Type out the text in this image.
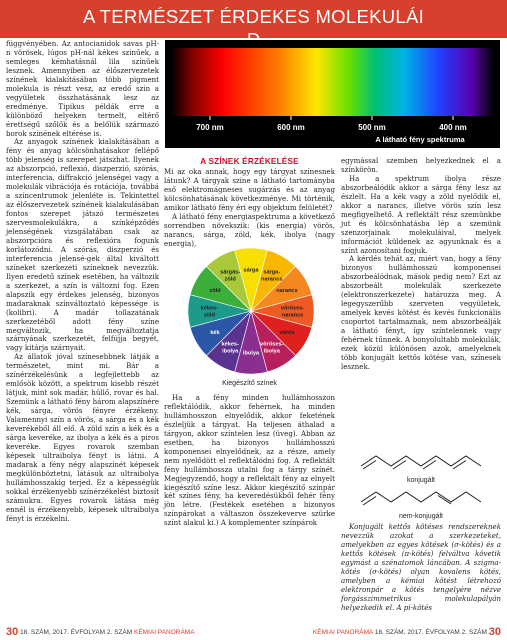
A TERMÉSZET ÉRDEKES MOLEKULÁI

függvényében. Az antocianidok savas pH-n vörösek, lúgos pH-nál kékes színűek, a semleges kémhatásnál lila színűek lesznek. Amennyiben az élőszervezetek színének kialakításában több pigment molekula is részt vesz, az eredő szín a vegyületek összhatásának lesz az eredménye. Tipikus példák erre a különböző helyeken termelt, eltérő érettségű szőlők és a belőlük származó borok színének eltérése is.

Az anyagok színének kialakításában a fény és anyag kölcsönhatásakor fellépő több jelenség is szerepet játszhat. Ilyenek az abszorpció, reflexió, diszperzió, szórás, interferencia, diffrakció jelenségei vagy a molekulák vibrációja és rotációja, továbbá a színcentrumok jelenléte is. Tekintettel az élőszervezetek színének kialakulásában fontos szerepet játszó természetes szervesmolekulákra, a színképződés jelenségének vizsgálatában csak az abszorpcióra és reflexióra fogunk korlátozódni. A szórás, diszperzió és interferencia jelensé-gek által kiváltott színeket szerkezeti színeknek nevezzük. Ilyen eredetű színek esetében, ha változik a szerkezet, a szín is változni fog. Ezen alapszik egy érdekes jelenség, bizonyos madaraknak színváltoztató képessége is (kolibri). A madár tollazatának szerkezetéből adott fény színe megváltozik, ha megváltoztatja szárnyának szerkezetét, felfújja begyét, vagy kitárja szárnyait.

Az állatok jóval színesebbnek látják a természetet, mint mi. Bár a színérzékelésünk a legfejlettebb az emlősök között, a spektrum kisebb részét látjuk, mint sok madár, hüllő, rovar és hal. Szemünk a látható fény három alapszínére kék, sárga, vörös fényre érzékeny. Valamennyi szín a vörös, a sárga és a kék keverékéből áll elő. A zöld szín a kék és a sárga keveréke, az ibolya a kék és a piros keveréke. Egyes rovarok szemban képesek ultraibolya fényt is látni. A madarak a fény négy alapszínét képesek megkülönböztetni, látásuk az ultraibolya hullámhosszakig terjed. Ez a képességük sokkal érzékenyebb színérzékelést biztosít számukra. Egyes rovarok látása még ennél is érzékenyebb, képesek ultraibolya fényt is érzékelni.

700 nm	600 nm	500 nm	400 nm
A látható fény spektruma
A SZÍNEK ÉRZÉKELÉSE

Mi az oka annak, hogy egy tárgyat színesnek látunk? A tárgyak színe a látható tartományba eső elektromágneses sugárzás és az anyag kölcsönhatásának következménye. Mi történik, amikor látható fény éri egy objektum felületét?

A látható fény energiaspektruma a következő sorrendben növekszik: (kis energia) vörös, narancs, sárga, zöld, kék, ibolya (nagy energia),

sárga sárga-narancs
narancs
vöröses-narancs
vörös
vöröses-ibolya
ibolya
kékes-ibolya
kék
kékes-zöld
zöld
sárgás-zöld
Kiegészítő színek

Ha a fény minden hullámhosszon reflektálódik, akkor fehérnek, ha minden hullámhosszon elnyelődik, akkor feketének észleljük a tárgyat. Ha teljesen áthalad a tárgyon, akkor színtelen lesz (üveg). Abban az esetben, ha bizonyos hullámhosszú komponensei elnyelődnek, az a része, amely nem nyelődött el reflektálódni fog. A reflektált fény hullámhossza utalni fog a tárgy színét. Megjegyzendő, hogy a reflektált fény az elnyelt kiegészítő színe lesz. Akkor kiegészítő színpár két színes fény, ha keveredésükből fehér fény jön létre. (Festékek esetében a bizonyos színpárokat a váltaszon összekeverve szürke színt alakul ki.) A komplementer színpárok

egymással szemben helyezkednek el a színkörön.

Ha a spektrum ibolya része abszorbeálódik akkor a sárga fény lesz az észlelt. Ha a kék vagy a zöld nyelődik el, akkor a narancs, illetve vörös szín lesz megfigyelhető. A reflektált rész szemünkbe jut és kölcsönhatásba lép a szemünk szenzorjainak molekuláival, melyek információt küldenek az agyunknak és a színt azonosítani fogjuk.

A kérdés tehát az, miért van, hogy a fény bizonyos hullámhosszú komponensei abszorbeálódnak, mások pedig nem? Ezt az abszorbeált molekulák szerkezete (elektronszerkezete) határozza meg. A legegyszerűbb szerveten vegyületek, amelyek kevés kötést és kevés funkcionális csoportot tartalmaznak, nem abszorbeálják a látható fényt, így színtelennek vagy fehérnek tűnnek. A bonyolultabb molekulák, ezek közül különösen azok, amelyeknek több konjugált kettős kötése van, színesek lesznek.

konjugált
nem-konjugált

Konjugált kettős kötéses rendszereknek nevezzük azokat a szerkezeteket, amelyekben az egyes kötések (σ-kötés) és a kettős kötések (π-kötés) felváltva követik egymást a szénatomok láncában. A szigma-kötés (σ-kötés) olyan kovalens kötés, amelyben a kémiai kötést létrehozó elektronpár a kötés tengelyére nézve forgásszimmetrikus molekulapályán helyezkedik el. A pi-kötés

30 18. SZÁM, 2017. ÉVFOLYAM 2. SZÁM KÉMIAI PANORÁMA	KÉMIAI PANORÁMA 18. SZÁM, 2017. ÉVFOLYAM 2. SZÁM 30
